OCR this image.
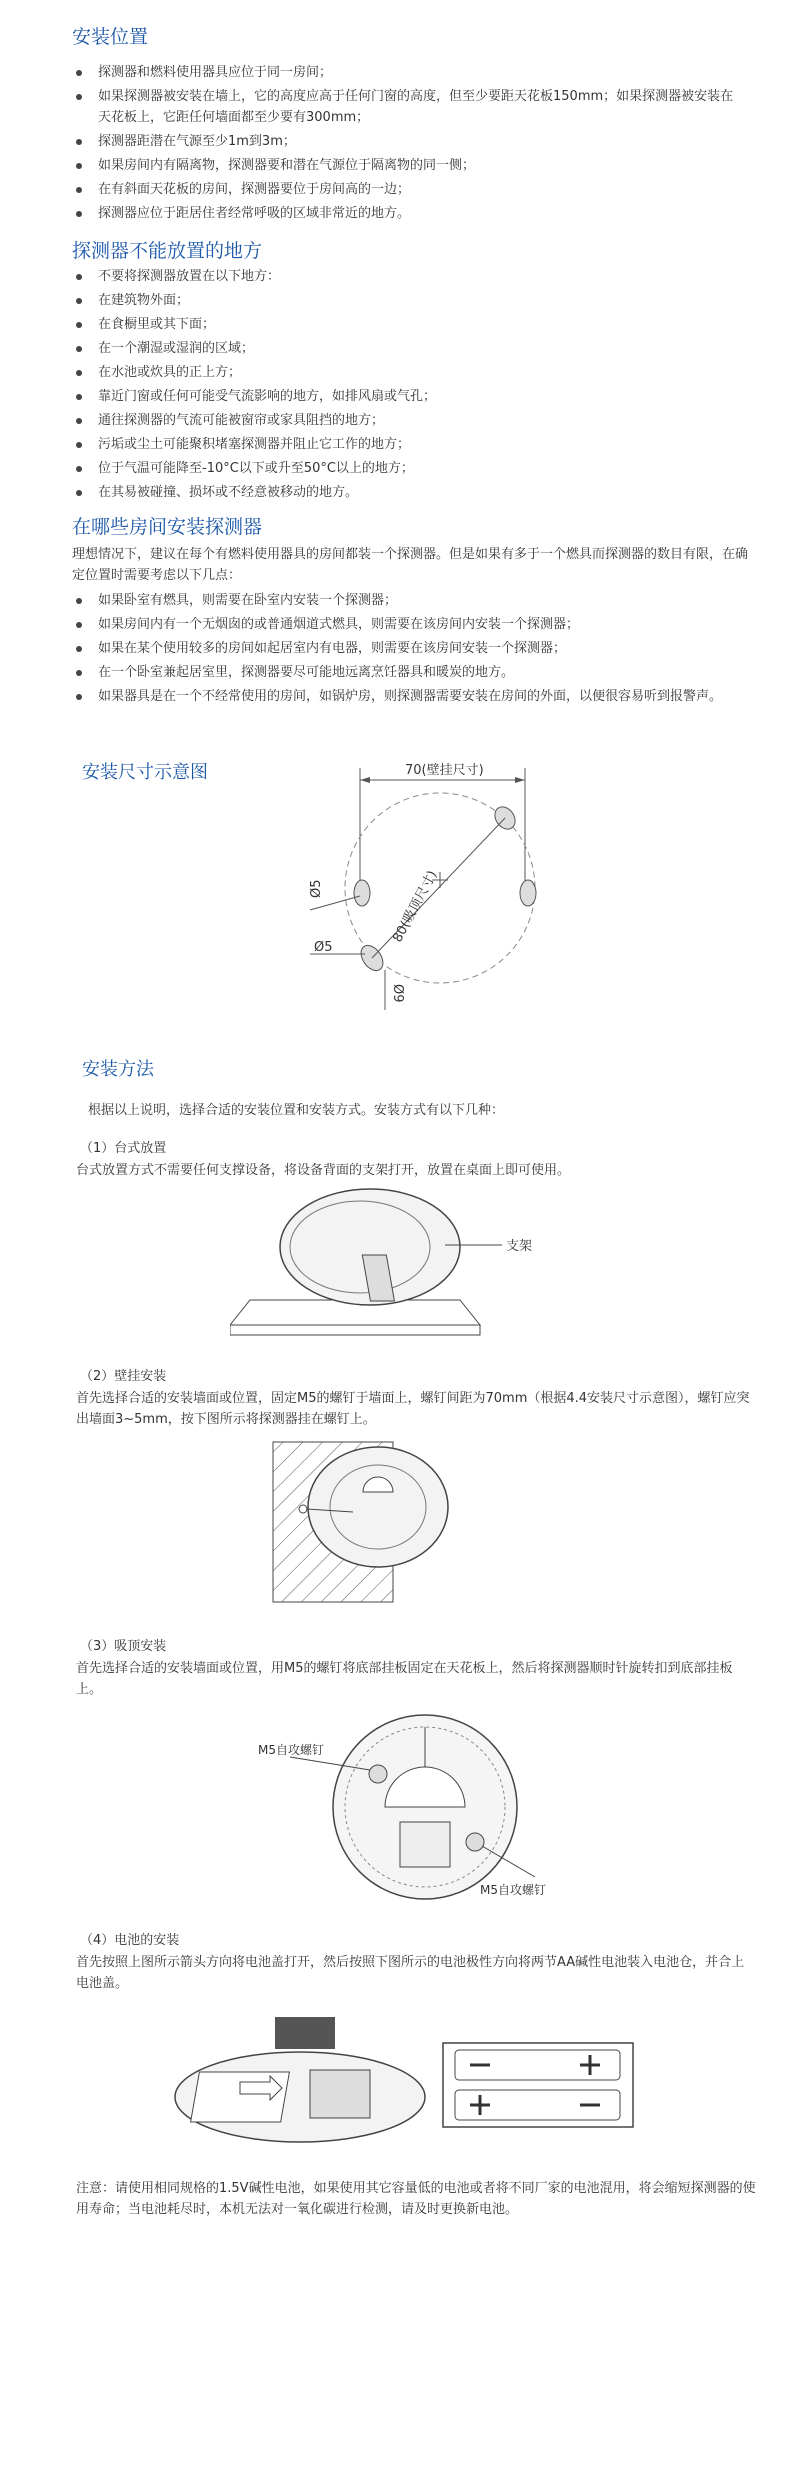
安装位置
探测器和燃料使用器具应位于同一房间；
如果探测器被安装在墙上，它的高度应高于任何门窗的高度，但至少要距天花板150mm；如果探测器被安装在天花板上，它距任何墙面都至少要有300mm；
探测器距潜在气源至少1m到3m；
如果房间内有隔离物，探测器要和潜在气源位于隔离物的同一侧；
在有斜面天花板的房间，探测器要位于房间高的一边；
探测器应位于距居住者经常呼吸的区域非常近的地方。
探测器不能放置的地方
不要将探测器放置在以下地方：
在建筑物外面；
在食橱里或其下面；
在一个潮湿或湿润的区域；
在水池或炊具的正上方；
靠近门窗或任何可能受气流影响的地方，如排风扇或气孔；
通往探测器的气流可能被窗帘或家具阻挡的地方；
污垢或尘土可能聚积堵塞探测器并阻止它工作的地方；
位于气温可能降至-10°C以下或升至50°C以上的地方；
在其易被碰撞、损坏或不经意被移动的地方。
在哪些房间安装探测器

理想情况下，建议在每个有燃料使用器具的房间都装一个探测器。但是如果有多于一个燃具而探测器的数目有限，在确定位置时需要考虑以下几点：

如果卧室有燃具，则需要在卧室内安装一个探测器；
如果房间内有一个无烟囱的或普通烟道式燃具，则需要在该房间内安装一个探测器；
如果在某个使用较多的房间如起居室内有电器，则需要在该房间安装一个探测器；
在一个卧室兼起居室里，探测器要尽可能地远离烹饪器具和暖炭的地方。
如果器具是在一个不经常使用的房间，如锅炉房，则探测器需要安装在房间的外面，以便很容易听到报警声。
安装尺寸示意图	70(壁挂尺寸)
80(吸顶尺寸)
Ø5
Ø5
Ø9
安装方法

根据以上说明，选择合适的安装位置和安装方式。安装方式有以下几种：

（1）台式放置

台式放置方式不需要任何支撑设备，将设备背面的支架打开，放置在桌面上即可使用。

支架

（2）壁挂安装

首先选择合适的安装墙面或位置，固定M5的螺钉于墙面上，螺钉间距为70mm（根据4.4安装尺寸示意图），螺钉应突出墙面3~5mm，按下图所示将探测器挂在螺钉上。

（3）吸顶安装

首先选择合适的安装墙面或位置，用M5的螺钉将底部挂板固定在天花板上，然后将探测器顺时针旋转扣到底部挂板上。

M5自攻螺钉
M5自攻螺钉

（4）电池的安装

首先按照上图所示箭头方向将电池盖打开，然后按照下图所示的电池极性方向将两节AA碱性电池装入电池仓，并合上电池盖。

注意：请使用相同规格的1.5V碱性电池，如果使用其它容量低的电池或者将不同厂家的电池混用，将会缩短探测器的使用寿命；当电池耗尽时，本机无法对一氧化碳进行检测，请及时更换新电池。
